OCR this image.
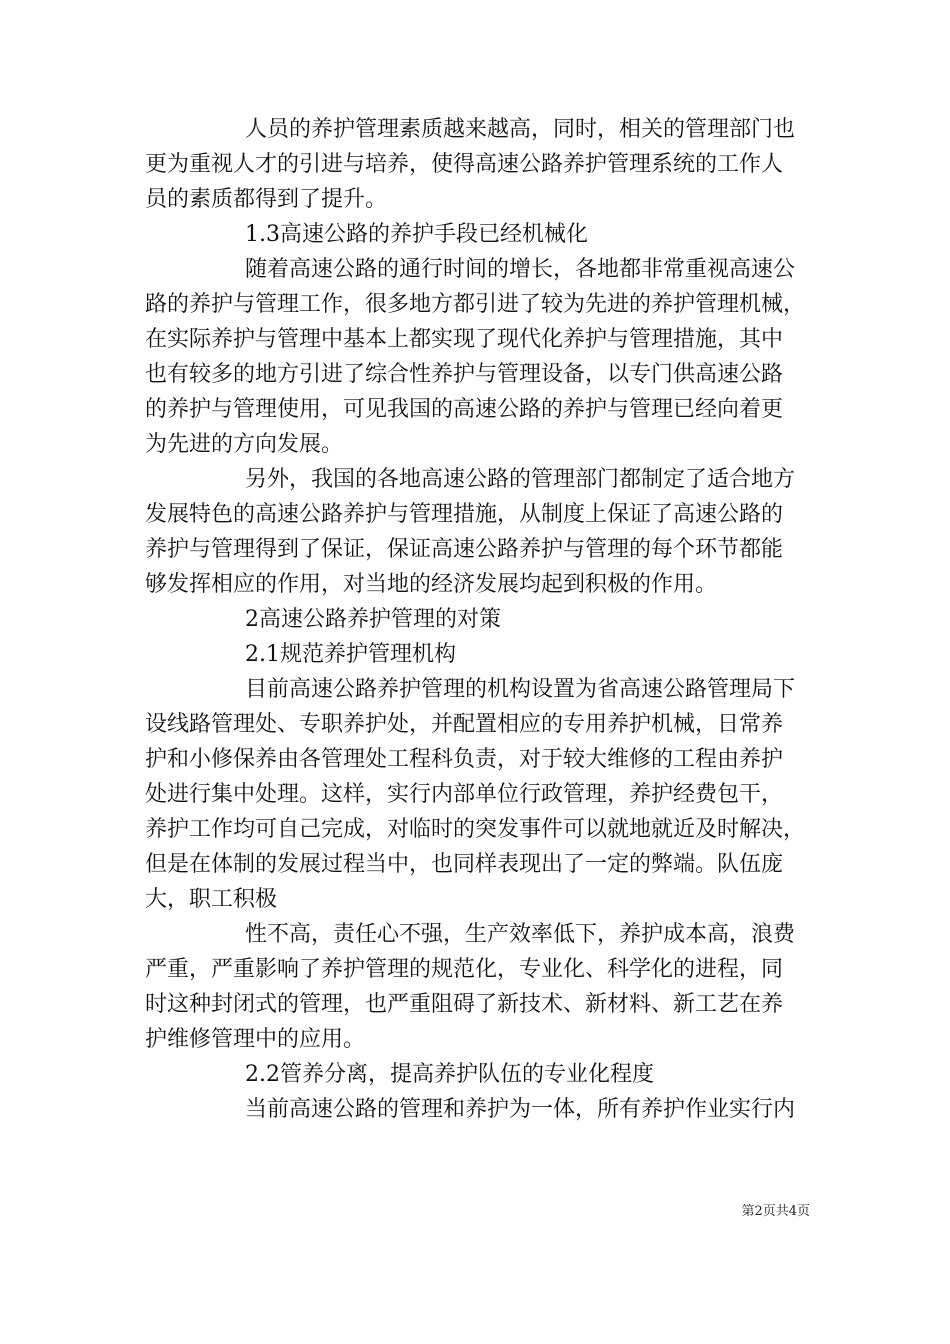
人员的养护管理素质越来越高，同时，相关的管理部门也
更为重视人才的引进与培养，使得高速公路养护管理系统的工作人
员的素质都得到了提升。
1.3高速公路的养护手段已经机械化
随着高速公路的通行时间的增长，各地都非常重视高速公
路的养护与管理工作，很多地方都引进了较为先进的养护管理机械，
在实际养护与管理中基本上都实现了现代化养护与管理措施，其中
也有较多的地方引进了综合性养护与管理设备，以专门供高速公路
的养护与管理使用，可见我国的高速公路的养护与管理已经向着更
为先进的方向发展。
另外，我国的各地高速公路的管理部门都制定了适合地方
发展特色的高速公路养护与管理措施，从制度上保证了高速公路的
养护与管理得到了保证，保证高速公路养护与管理的每个环节都能
够发挥相应的作用，对当地的经济发展均起到积极的作用。
2高速公路养护管理的对策
2.1规范养护管理机构
目前高速公路养护管理的机构设置为省高速公路管理局下
设线路管理处、专职养护处，并配置相应的专用养护机械，日常养
护和小修保养由各管理处工程科负责，对于较大维修的工程由养护
处进行集中处理。这样，实行内部单位行政管理，养护经费包干，
养护工作均可自己完成，对临时的突发事件可以就地就近及时解决，
但是在体制的发展过程当中，也同样表现出了一定的弊端。队伍庞
大，职工积极
性不高，责任心不强，生产效率低下，养护成本高，浪费
严重，严重影响了养护管理的规范化，专业化、科学化的进程，同
时这种封闭式的管理，也严重阻碍了新技术、新材料、新工艺在养
护维修管理中的应用。
2.2管养分离，提高养护队伍的专业化程度
当前高速公路的管理和养护为一体，所有养护作业实行内
第2页共4页
